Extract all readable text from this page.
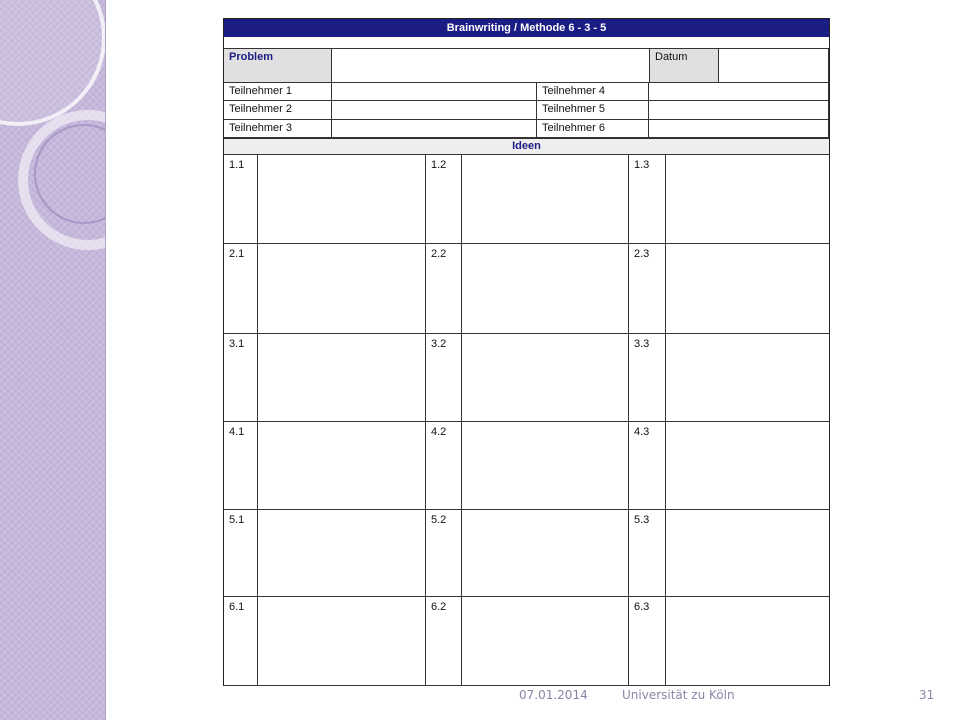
Brainwriting / Methode 6 - 3 - 5
Problem	Datum
Teilnehmer 1	Teilnehmer 4
Teilnehmer 2	Teilnehmer 5
Teilnehmer 3	Teilnehmer 6
Ideen
1.1	1.2	1.3
2.1	2.2	2.3
3.1	3.2	3.3
4.1	4.2	4.3
5.1	5.2	5.3
6.1	6.2	6.3
07.01.2014	Universität zu Köln	31
